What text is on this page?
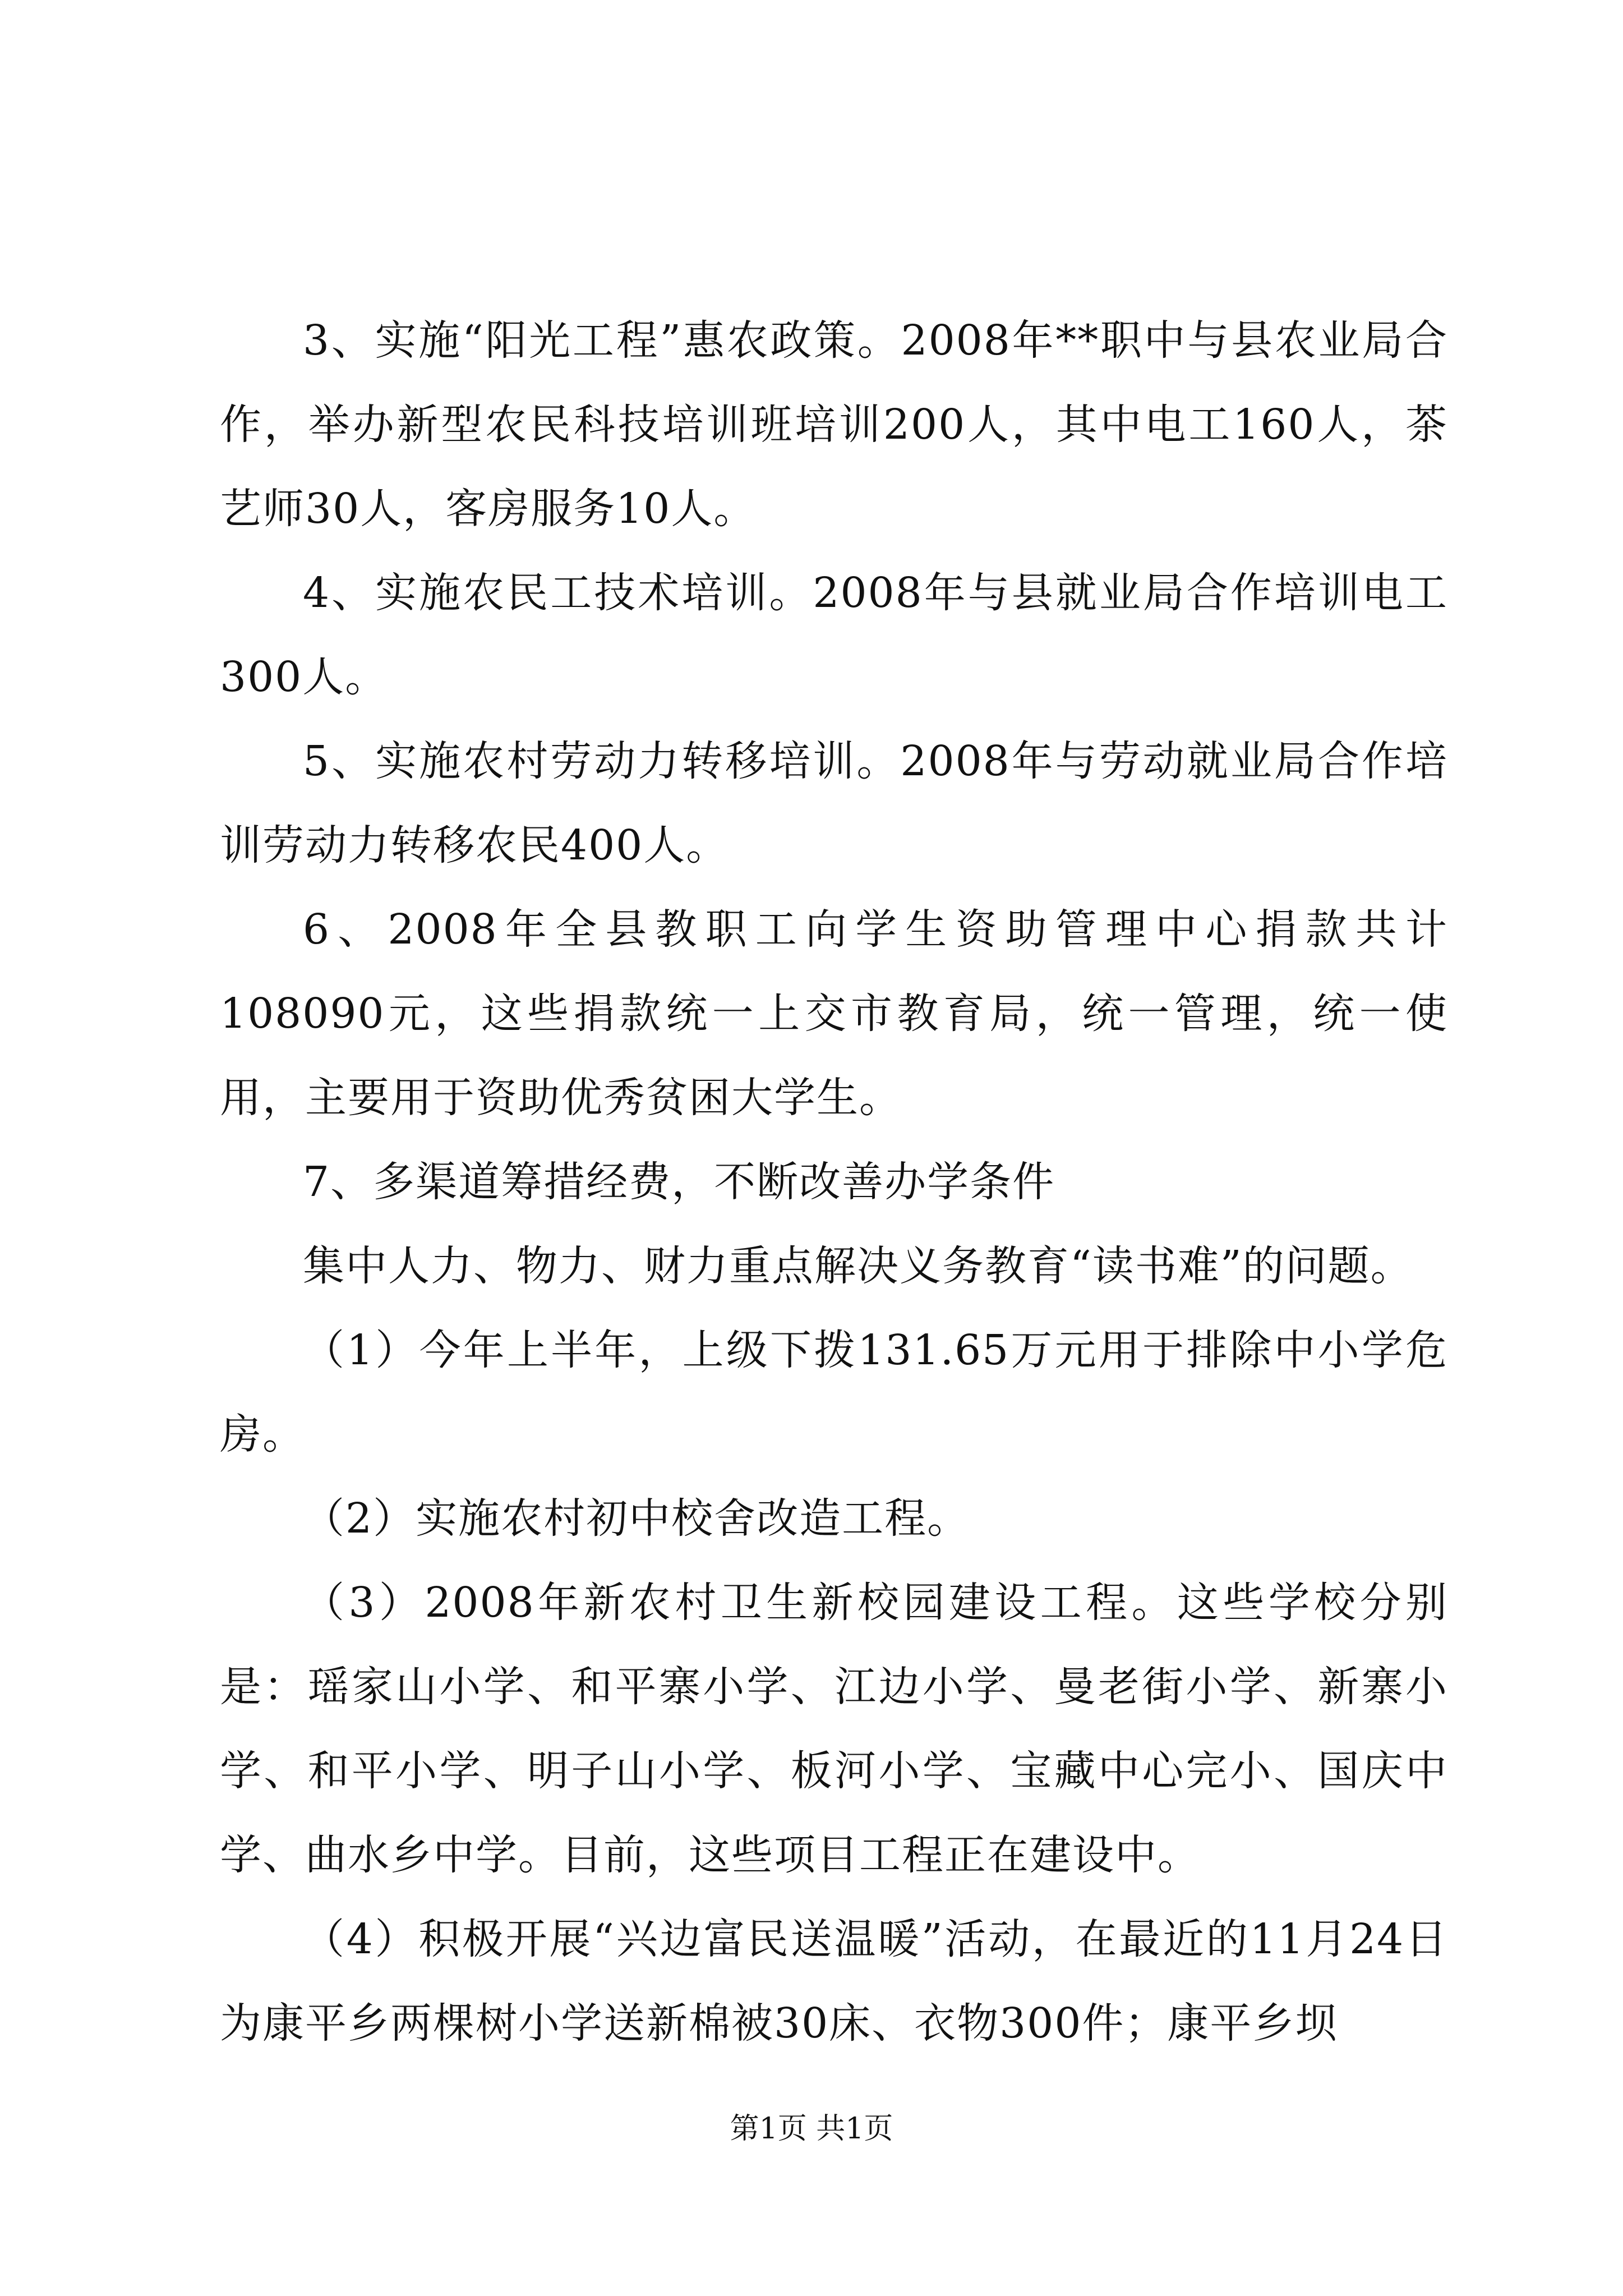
3、实施“阳光工程”惠农政策。2008年**职中与县农业局合作，举办新型农民科技培训班培训200人，其中电工160人，茶艺师30人，客房服务10人。

4、实施农民工技术培训。2008年与县就业局合作培训电工300人。

5、实施农村劳动力转移培训。2008年与劳动就业局合作培训劳动力转移农民400人。

6、2008年全县教职工向学生资助管理中心捐款共计108090元，这些捐款统一上交市教育局，统一管理，统一使用，主要用于资助优秀贫困大学生。

7、多渠道筹措经费，不断改善办学条件

集中人力、物力、财力重点解决义务教育“读书难”的问题。

（1）今年上半年，上级下拨131.65万元用于排除中小学危房。

（2）实施农村初中校舍改造工程。

（3）2008年新农村卫生新校园建设工程。这些学校分别是：瑶家山小学、和平寨小学、江边小学、曼老街小学、新寨小学、和平小学、明子山小学、板河小学、宝藏中心完小、国庆中学、曲水乡中学。目前，这些项目工程正在建设中。

（4）积极开展“兴边富民送温暖”活动，在最近的11月24日为康平乡两棵树小学送新棉被30床、衣物300件；康平乡坝

第1页 共1页
